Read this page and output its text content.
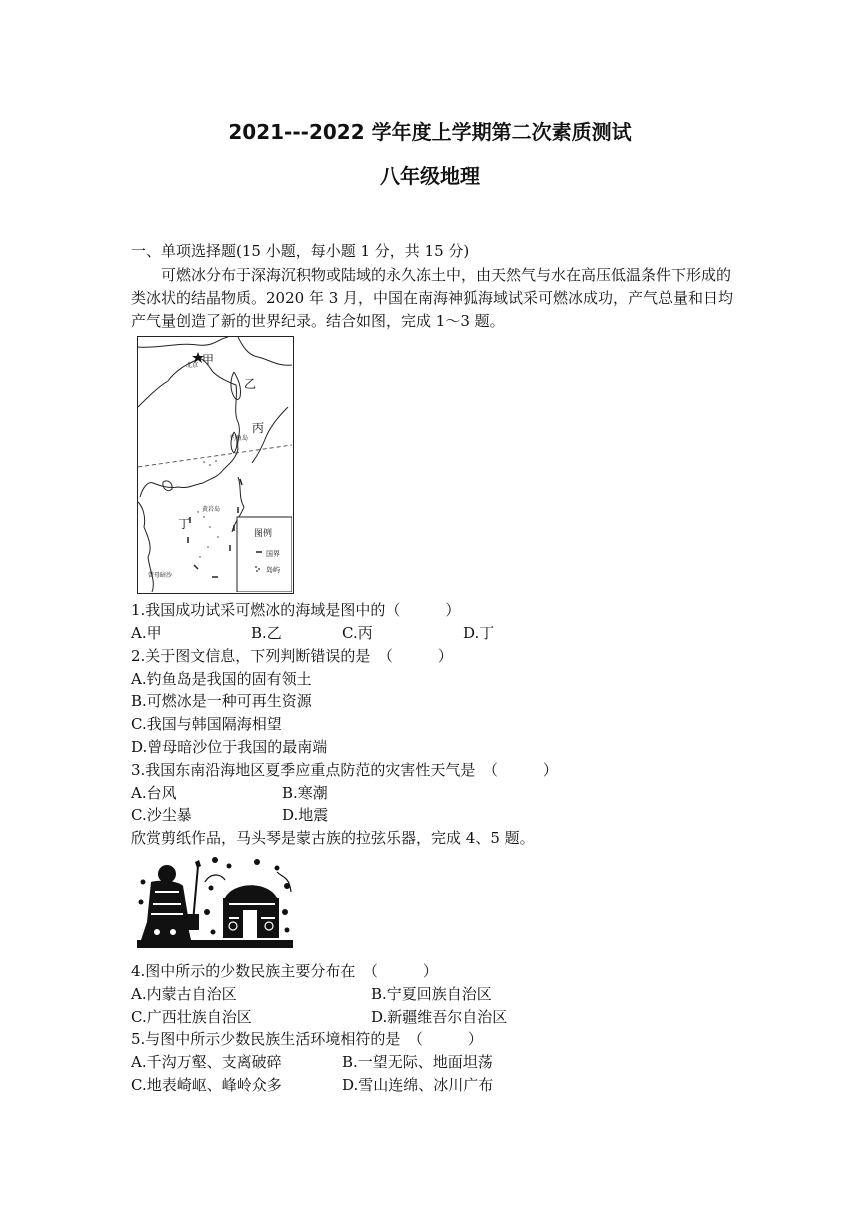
2021---2022 学年度上学期第二次素质测试
八年级地理
一、单项选择题(15 小题，每小题 1 分，共 15 分)
可燃冰分布于深海沉积物或陆域的永久冻土中，由天然气与水在高压低温条件下形成的类冰状的结晶物质。2020 年 3 月，中国在南海神狐海域试采可燃冰成功，产气总量和日均产气量创造了新的世界纪录。结合如图，完成 1～3 题。
甲
北京
乙
丙
钓鱼岛
黄岩岛
丁
曾母暗沙
图例
国界
岛屿
1.我国成功试采可燃冰的海域是图中的（　　　）
A.甲	B.乙	C.丙	D.丁
2.关于图文信息，下列判断错误的是　（　　　）
A.钓鱼岛是我国的固有领土
B.可燃冰是一种可再生资源
C.我国与韩国隔海相望
D.曾母暗沙位于我国的最南端
3.我国东南沿海地区夏季应重点防范的灾害性天气是　（　　　）
A.台风	B.寒潮
C.沙尘暴	D.地震
欣赏剪纸作品，马头琴是蒙古族的拉弦乐器，完成 4、5 题。
4.图中所示的少数民族主要分布在　（　　　）
A.内蒙古自治区	B.宁夏回族自治区
C.广西壮族自治区	D.新疆维吾尔自治区
5.与图中所示少数民族生活环境相符的是　（　　　）
A.千沟万壑、支离破碎	B.一望无际、地面坦荡
C.地表崎岖、峰岭众多	D.雪山连绵、冰川广布
